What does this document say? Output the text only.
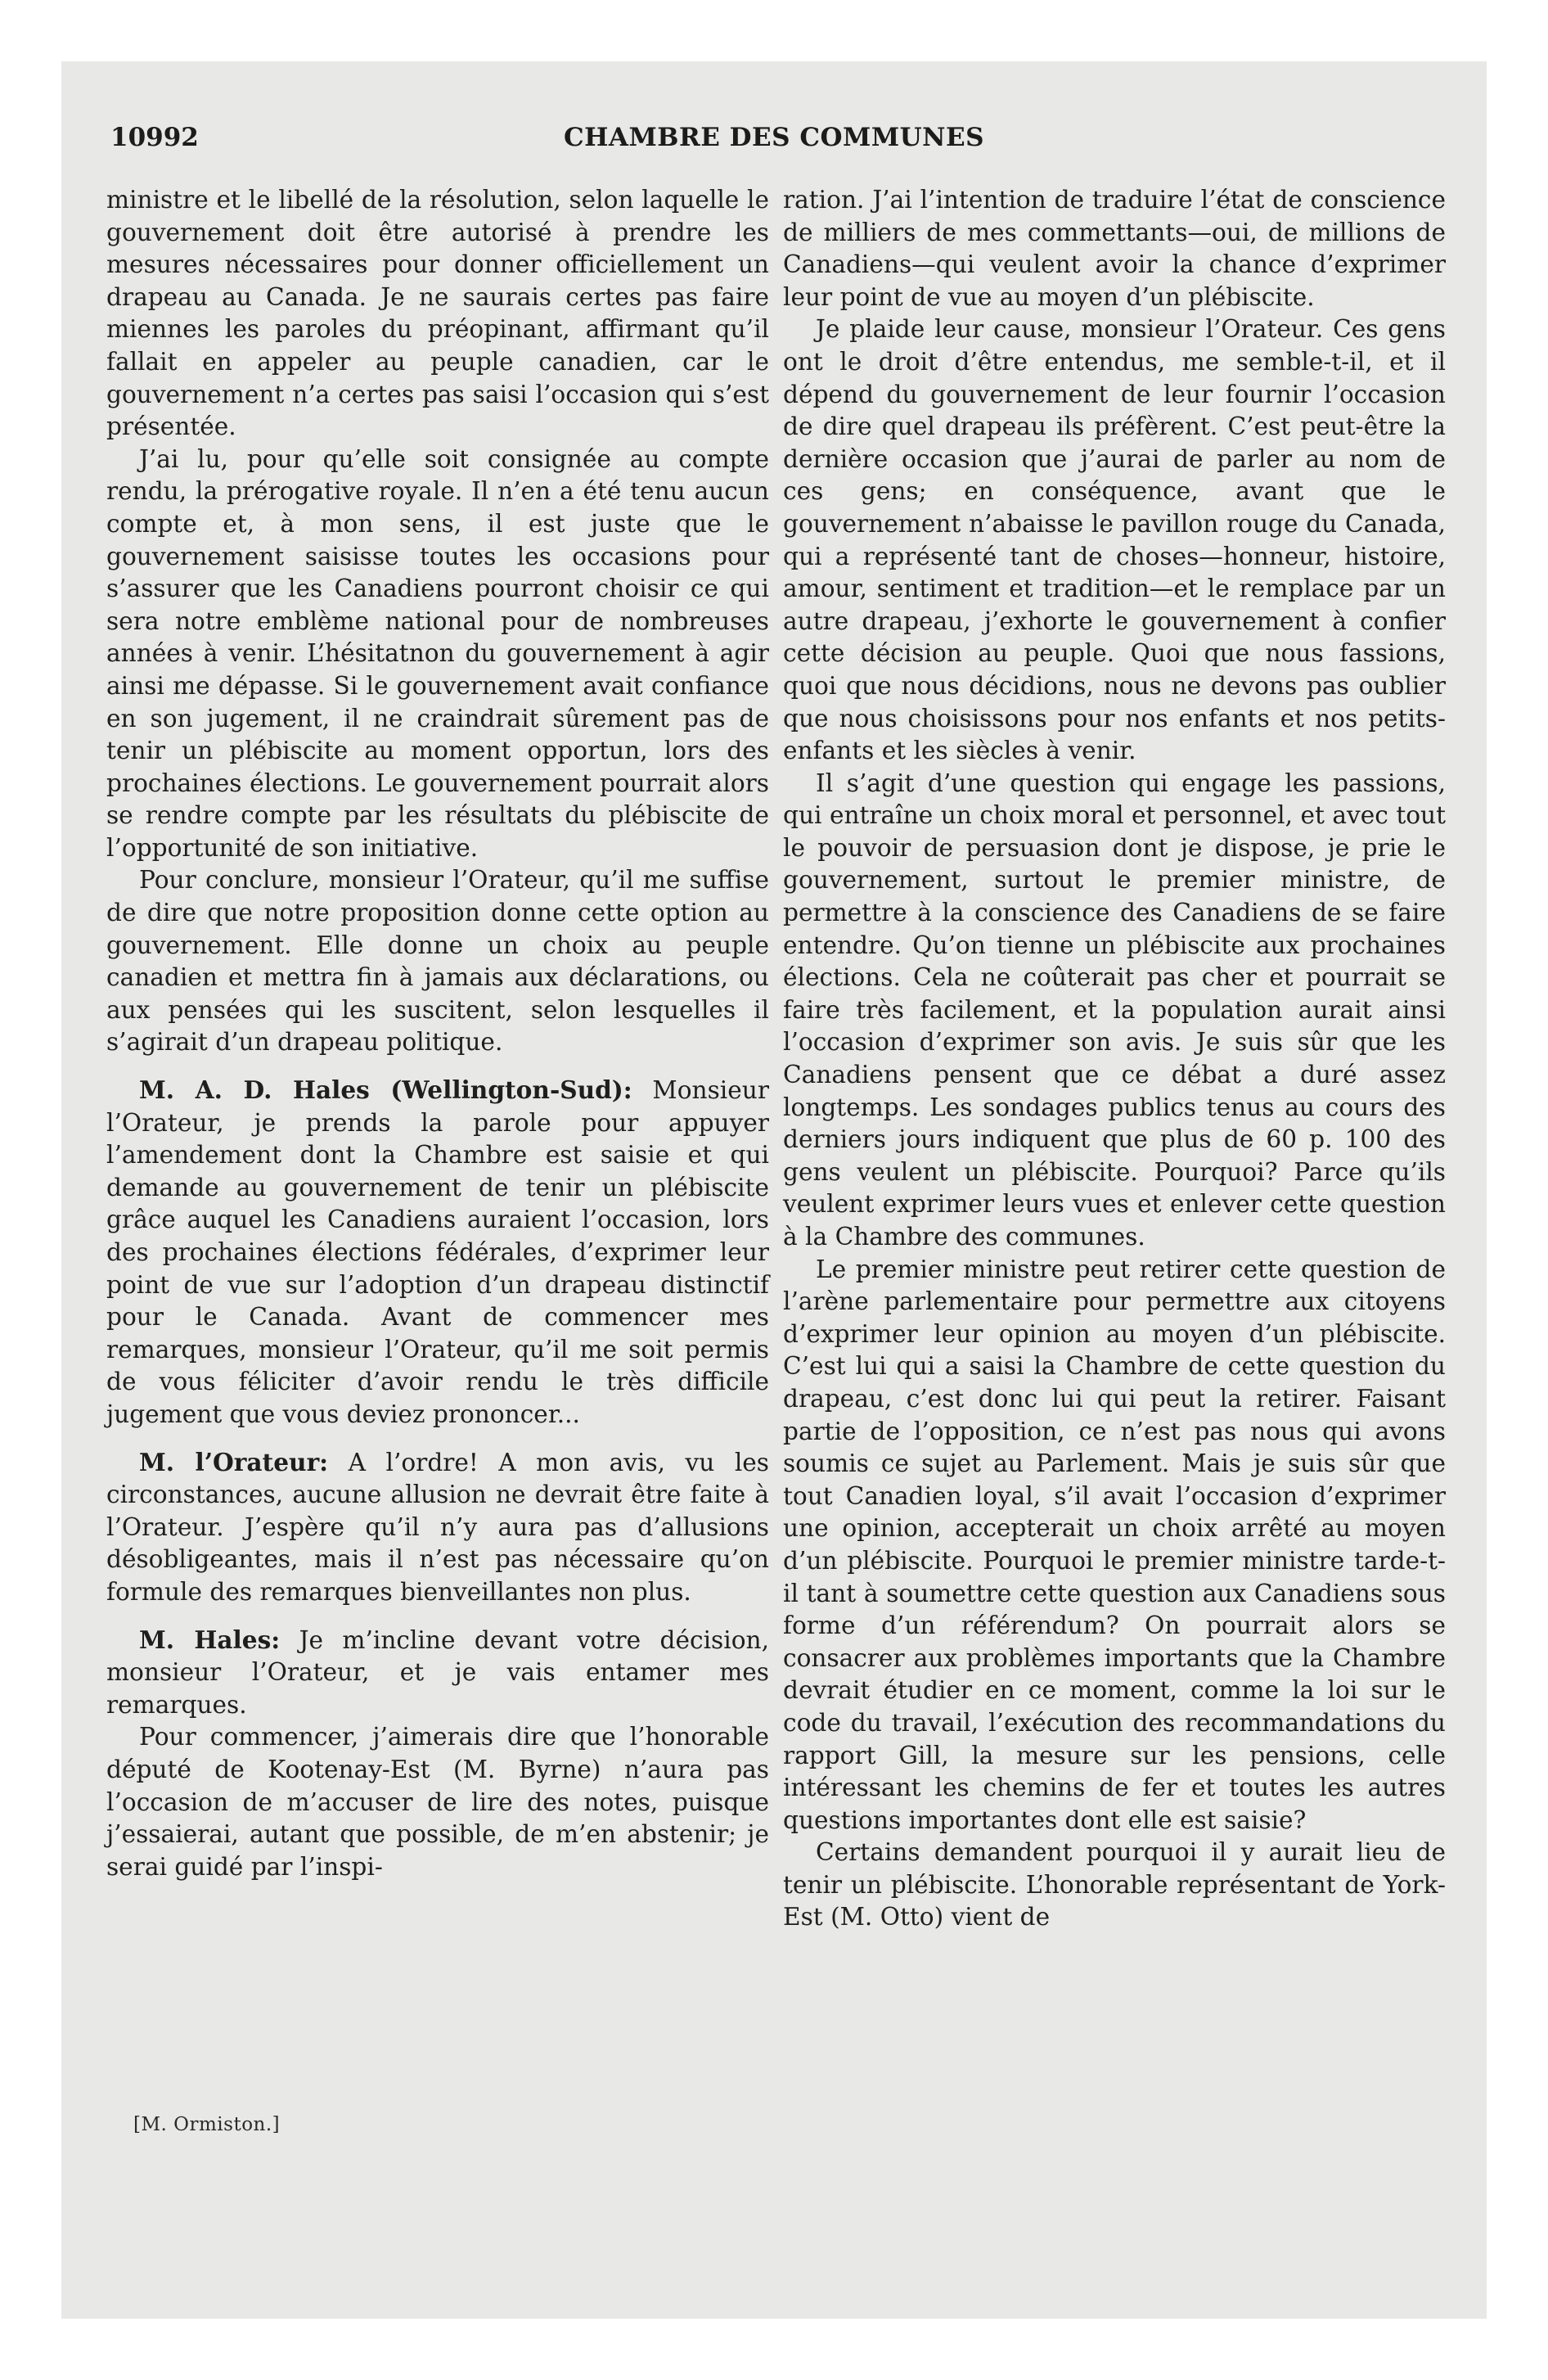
10992	CHAMBRE DES COMMUNES

ministre et le libellé de la résolution, selon laquelle le gouvernement doit être autorisé à prendre les mesures nécessaires pour donner officiellement un drapeau au Canada. Je ne saurais certes pas faire miennes les paroles du préopinant, affirmant qu’il fallait en appeler au peuple canadien, car le gouvernement n’a certes pas saisi l’occasion qui s’est présentée.

J’ai lu, pour qu’elle soit consignée au compte rendu, la prérogative royale. Il n’en a été tenu aucun compte et, à mon sens, il est juste que le gouvernement saisisse toutes les occasions pour s’assurer que les Canadiens pourront choisir ce qui sera notre emblème national pour de nombreuses années à venir. L’hésitatnon du gouvernement à agir ainsi me dépasse. Si le gouvernement avait confiance en son jugement, il ne craindrait sûrement pas de tenir un plébiscite au moment opportun, lors des prochaines élections. Le gouvernement pourrait alors se rendre compte par les résultats du plébiscite de l’opportunité de son initiative.

Pour conclure, monsieur l’Orateur, qu’il me suffise de dire que notre proposition donne cette option au gouvernement. Elle donne un choix au peuple canadien et mettra fin à jamais aux déclarations, ou aux pensées qui les suscitent, selon lesquelles il s’agirait d’un drapeau politique.

M. A. D. Hales (Wellington-Sud): Monsieur l’Orateur, je prends la parole pour appuyer l’amendement dont la Chambre est saisie et qui demande au gouvernement de tenir un plébiscite grâce auquel les Canadiens auraient l’occasion, lors des prochaines élections fédérales, d’exprimer leur point de vue sur l’adoption d’un drapeau distinctif pour le Canada. Avant de commencer mes remarques, monsieur l’Orateur, qu’il me soit permis de vous féliciter d’avoir rendu le très difficile jugement que vous deviez prononcer...

M. l’Orateur: A l’ordre! A mon avis, vu les circonstances, aucune allusion ne devrait être faite à l’Orateur. J’espère qu’il n’y aura pas d’allusions désobligeantes, mais il n’est pas nécessaire qu’on formule des remarques bienveillantes non plus.

M. Hales: Je m’incline devant votre décision, monsieur l’Orateur, et je vais entamer mes remarques.

Pour commencer, j’aimerais dire que l’honorable député de Kootenay-Est (M. Byrne) n’aura pas l’occasion de m’accuser de lire des notes, puisque j’essaierai, autant que possible, de m’en abstenir; je serai guidé par l’inspi-

ration. J’ai l’intention de traduire l’état de conscience de milliers de mes commettants—oui, de millions de Canadiens—qui veulent avoir la chance d’exprimer leur point de vue au moyen d’un plébiscite.

Je plaide leur cause, monsieur l’Orateur. Ces gens ont le droit d’être entendus, me semble-t-il, et il dépend du gouvernement de leur fournir l’occasion de dire quel drapeau ils préfèrent. C’est peut-être la dernière occasion que j’aurai de parler au nom de ces gens; en conséquence, avant que le gouvernement n’abaisse le pavillon rouge du Canada, qui a représenté tant de choses—honneur, histoire, amour, sentiment et tradition—et le remplace par un autre drapeau, j’exhorte le gouvernement à confier cette décision au peuple. Quoi que nous fassions, quoi que nous décidions, nous ne devons pas oublier que nous choisissons pour nos enfants et nos petits-enfants et les siècles à venir.

Il s’agit d’une question qui engage les passions, qui entraîne un choix moral et personnel, et avec tout le pouvoir de persuasion dont je dispose, je prie le gouvernement, surtout le premier ministre, de permettre à la conscience des Canadiens de se faire entendre. Qu’on tienne un plébiscite aux prochaines élections. Cela ne coûterait pas cher et pourrait se faire très facilement, et la population aurait ainsi l’occasion d’exprimer son avis. Je suis sûr que les Canadiens pensent que ce débat a duré assez longtemps. Les sondages publics tenus au cours des derniers jours indiquent que plus de 60 p. 100 des gens veulent un plébiscite. Pourquoi? Parce qu’ils veulent exprimer leurs vues et enlever cette question à la Chambre des communes.

Le premier ministre peut retirer cette question de l’arène parlementaire pour permettre aux citoyens d’exprimer leur opinion au moyen d’un plébiscite. C’est lui qui a saisi la Chambre de cette question du drapeau, c’est donc lui qui peut la retirer. Faisant partie de l’opposition, ce n’est pas nous qui avons soumis ce sujet au Parlement. Mais je suis sûr que tout Canadien loyal, s’il avait l’occasion d’exprimer une opinion, accepterait un choix arrêté au moyen d’un plébiscite. Pourquoi le premier ministre tarde-t-il tant à soumettre cette question aux Canadiens sous forme d’un référendum? On pourrait alors se consacrer aux problèmes importants que la Chambre devrait étudier en ce moment, comme la loi sur le code du travail, l’exécution des recommandations du rapport Gill, la mesure sur les pensions, celle intéressant les chemins de fer et toutes les autres questions importantes dont elle est saisie?

Certains demandent pourquoi il y aurait lieu de tenir un plébiscite. L’honorable représentant de York-Est (M. Otto) vient de

[M. Ormiston.]
